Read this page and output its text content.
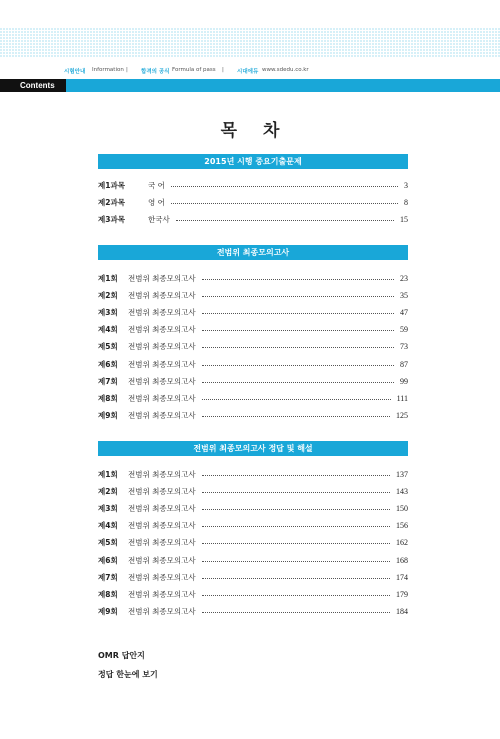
시험안내 Information | 합격의 공식 Formula of pass | 시대에듀 www.sdedu.co.kr
Contents
목 차
2015년 시행 중요기출문제
제1과목	국 어	3
제2과목	영 어	8
제3과목	한국사	15
전범위 최종모의고사
제1회 전범위 최종모의고사	23
제2회 전범위 최종모의고사	35
제3회 전범위 최종모의고사	47
제4회 전범위 최종모의고사	59
제5회 전범위 최종모의고사	73
제6회 전범위 최종모의고사	87
제7회 전범위 최종모의고사	99
제8회 전범위 최종모의고사	111
제9회 전범위 최종모의고사	125
전범위 최종모의고사 정답 및 해설
제1회 전범위 최종모의고사	137
제2회 전범위 최종모의고사	143
제3회 전범위 최종모의고사	150
제4회 전범위 최종모의고사	156
제5회 전범위 최종모의고사	162
제6회 전범위 최종모의고사	168
제7회 전범위 최종모의고사	174
제8회 전범위 최종모의고사	179
제9회 전범위 최종모의고사	184
OMR 답안지
정답 한눈에 보기
